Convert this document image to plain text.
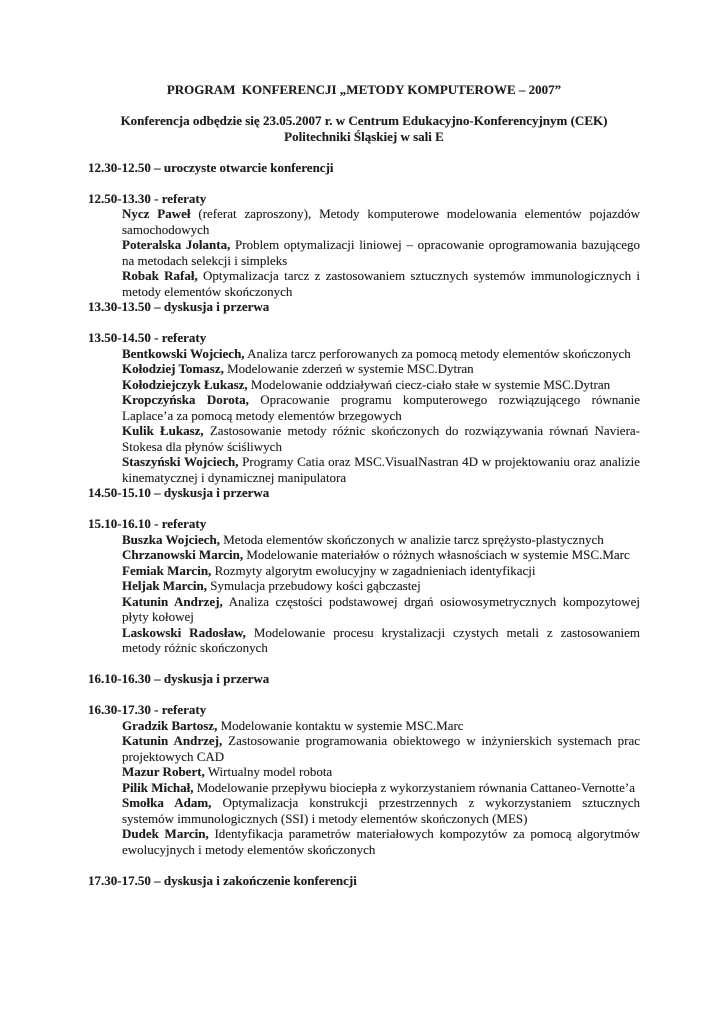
PROGRAM  KONFERENCJI „METODY KOMPUTEROWE – 2007”
Konferencja odbędzie się 23.05.2007 r. w Centrum Edukacyjno-Konferencyjnym (CEK)
Politechniki Śląskiej w sali E

12.30-12.50 – uroczyste otwarcie konferencji

12.50-13.30 - referaty

Nycz Paweł (referat zaproszony), Metody komputerowe modelowania elementów pojazdów samochodowych

Poteralska Jolanta, Problem optymalizacji liniowej – opracowanie oprogramowania bazującego na metodach selekcji i simpleks

Robak Rafał, Optymalizacja tarcz z zastosowaniem sztucznych systemów immunologicznych i metody elementów skończonych

13.30-13.50 – dyskusja i przerwa

13.50-14.50 - referaty

Bentkowski Wojciech, Analiza tarcz perforowanych za pomocą metody elementów skończonych

Kołodziej Tomasz, Modelowanie zderzeń w systemie MSC.Dytran

Kołodziejczyk Łukasz, Modelowanie oddziaływań ciecz-ciało stałe w systemie MSC.Dytran

Kropczyńska Dorota, Opracowanie programu komputerowego rozwiązującego równanie Laplace’a za pomocą metody elementów brzegowych

Kulik Łukasz, Zastosowanie metody różnic skończonych do rozwiązywania równań Naviera-Stokesa dla płynów ściśliwych

Staszyński Wojciech, Programy Catia oraz MSC.VisualNastran 4D w projektowaniu oraz analizie kinematycznej i dynamicznej manipulatora

14.50-15.10 – dyskusja i przerwa

15.10-16.10 - referaty

Buszka Wojciech, Metoda elementów skończonych w analizie tarcz sprężysto-plastycznych

Chrzanowski Marcin, Modelowanie materiałów o różnych własnościach w systemie MSC.Marc

Femiak Marcin, Rozmyty algorytm ewolucyjny w zagadnieniach identyfikacji

Heljak Marcin, Symulacja przebudowy kości gąbczastej

Katunin Andrzej, Analiza częstości podstawowej drgań osiowosymetrycznych kompozytowej płyty kołowej

Laskowski Radosław, Modelowanie procesu krystalizacji czystych metali z zastosowaniem metody różnic skończonych

16.10-16.30 – dyskusja i przerwa

16.30-17.30 - referaty

Gradzik Bartosz, Modelowanie kontaktu w systemie MSC.Marc

Katunin Andrzej, Zastosowanie programowania obiektowego w inżynierskich systemach prac projektowych CAD

Mazur Robert, Wirtualny model robota

Pilik Michał, Modelowanie przepływu biociepła z wykorzystaniem równania Cattaneo-Vernotte’a

Smołka Adam, Optymalizacja konstrukcji przestrzennych z wykorzystaniem sztucznych systemów immunologicznych (SSI) i metody elementów skończonych (MES)

Dudek Marcin, Identyfikacja parametrów materiałowych kompozytów za pomocą algorytmów ewolucyjnych i metody elementów skończonych

17.30-17.50 – dyskusja i zakończenie konferencji
